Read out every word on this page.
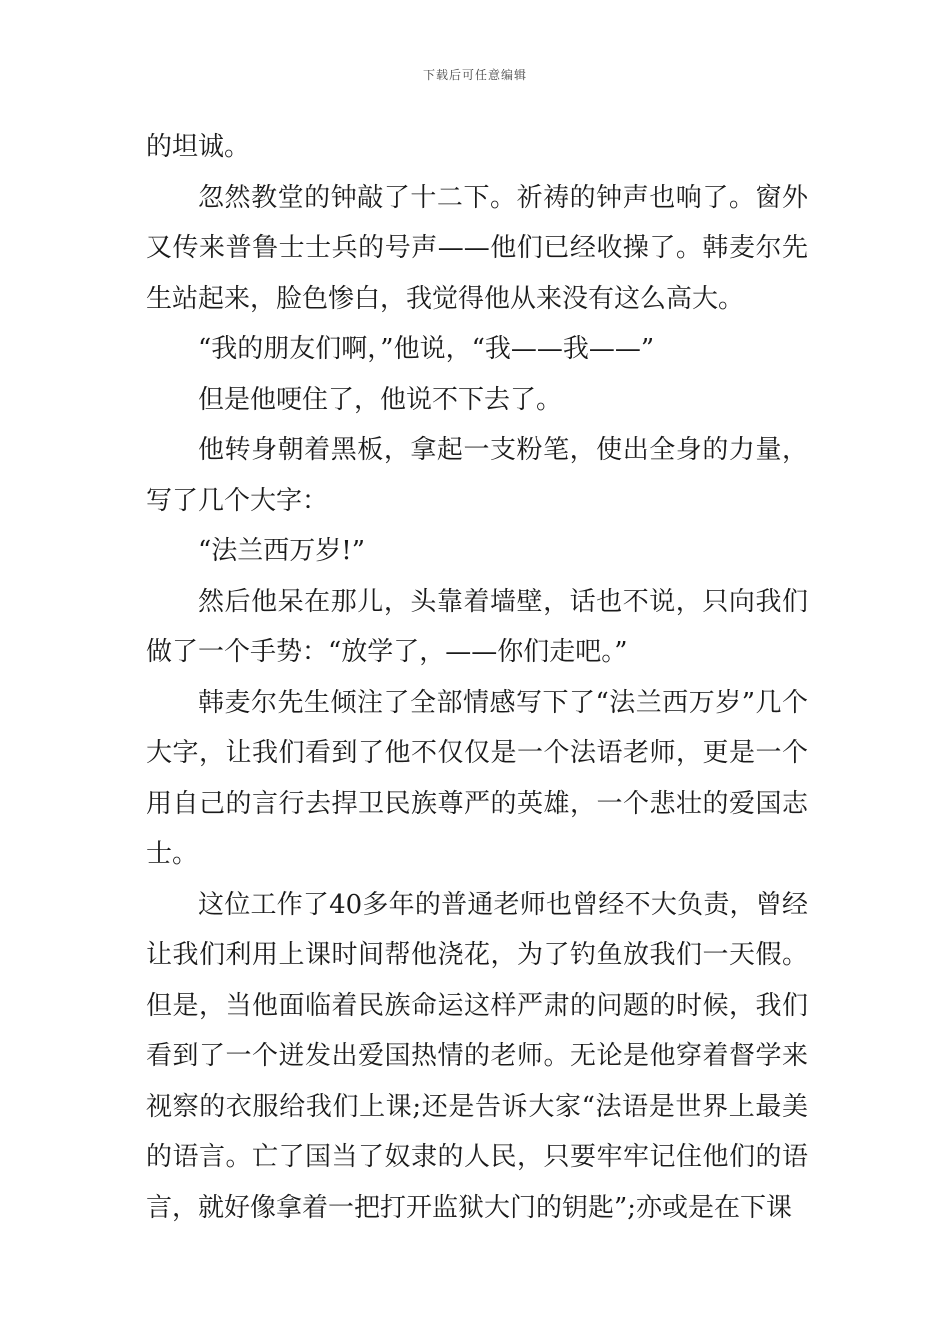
下载后可任意编辑

的坦诚。

忽然教堂的钟敲了十二下。祈祷的钟声也响了。窗外又传来普鲁士士兵的号声——他们已经收操了。韩麦尔先生站起来，脸色惨白，我觉得他从来没有这么高大。

“我的朋友们啊，”他说，“我——我——”

但是他哽住了，他说不下去了。

他转身朝着黑板，拿起一支粉笔，使出全身的力量，写了几个大字：

“法兰西万岁!”

然后他呆在那儿，头靠着墙壁，话也不说，只向我们做了一个手势：“放学了，——你们走吧。”

韩麦尔先生倾注了全部情感写下了“法兰西万岁”几个大字，让我们看到了他不仅仅是一个法语老师，更是一个用自己的言行去捍卫民族尊严的英雄，一个悲壮的爱国志士。

这位工作了40多年的普通老师也曾经不大负责，曾经让我们利用上课时间帮他浇花，为了钓鱼放我们一天假。但是，当他面临着民族命运这样严肃的问题的时候，我们看到了一个迸发出爱国热情的老师。无论是他穿着督学来视察的衣服给我们上课;还是告诉大家“法语是世界上最美的语言。亡了国当了奴隶的人民，只要牢牢记住他们的语言，就好像拿着一把打开监狱大门的钥匙”;亦或是在下课
